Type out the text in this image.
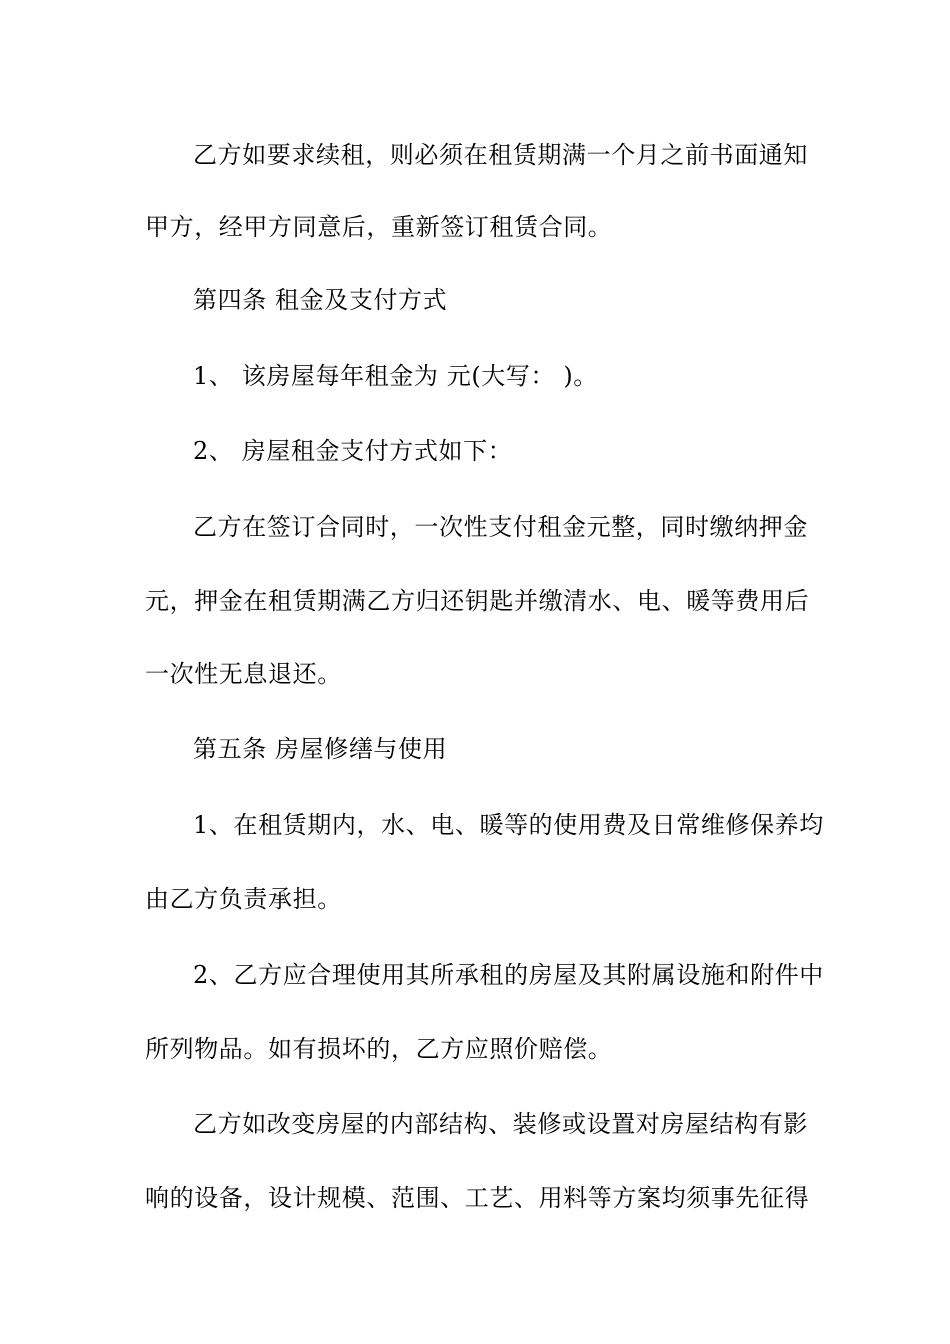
乙方如要求续租，则必须在租赁期满一个月之前书面通知
甲方，经甲方同意后，重新签订租赁合同。
第四条 租金及支付方式
1、 该房屋每年租金为 元(大写： )。
2、 房屋租金支付方式如下：
乙方在签订合同时，一次性支付租金元整，同时缴纳押金
元，押金在租赁期满乙方归还钥匙并缴清水、电、暖等费用后
一次性无息退还。
第五条 房屋修缮与使用
1、在租赁期内，水、电、暖等的使用费及日常维修保养均
由乙方负责承担。
2、乙方应合理使用其所承租的房屋及其附属设施和附件中
所列物品。如有损坏的，乙方应照价赔偿。
乙方如改变房屋的内部结构、装修或设置对房屋结构有影
响的设备，设计规模、范围、工艺、用料等方案均须事先征得
